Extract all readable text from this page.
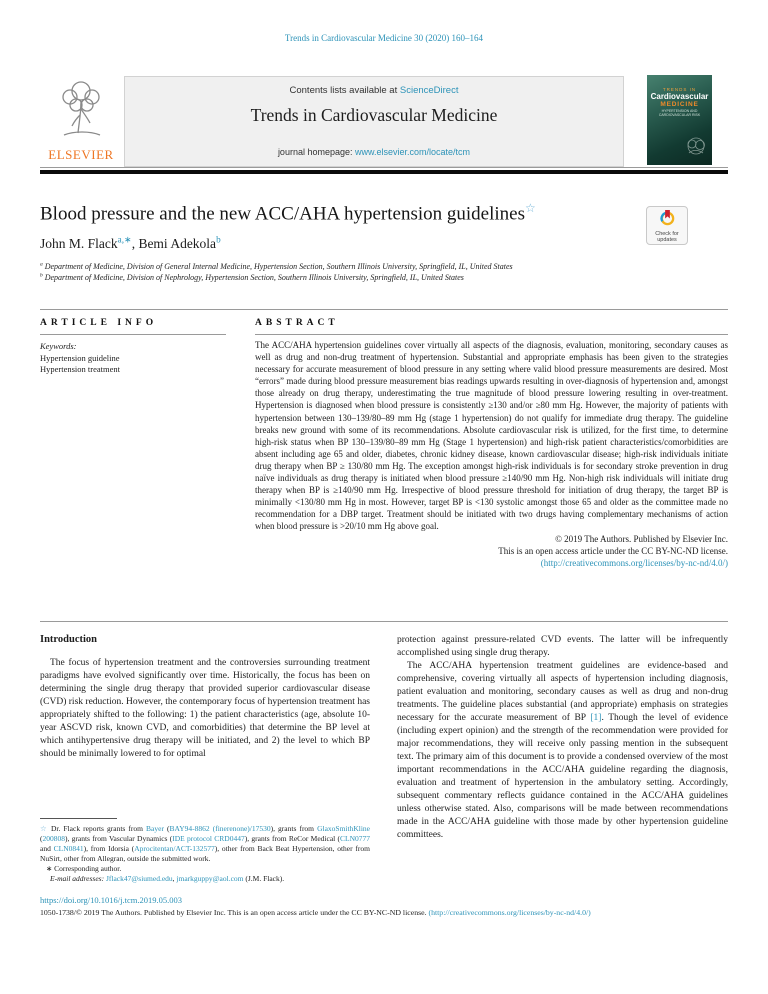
Trends in Cardiovascular Medicine 30 (2020) 160–164
ELSEVIER
Contents lists available at ScienceDirect
Trends in Cardiovascular Medicine
journal homepage: www.elsevier.com/locate/tcm
TRENDS IN
Cardiovascular
MEDICINE
HYPERTENSION AND CARDIOVASCULAR RISK
Blood pressure and the new ACC/AHA hypertension guidelines☆
Check for
updates
John M. Flack$^{a,∗}$, Bemi Adekola$^b$
$^a$ Department of Medicine, Division of General Internal Medicine, Hypertension Section, Southern Illinois University, Springfield, IL, United States
$^b$ Department of Medicine, Division of Nephrology, Hypertension Section, Southern Illinois University, Springfield, IL, United States
ARTICLE INFO
Keywords:
Hypertension guideline
Hypertension treatment
ABSTRACT
The ACC/AHA hypertension guidelines cover virtually all aspects of the diagnosis, evaluation, monitoring, secondary causes as well as drug and non-drug treatment of hypertension. Substantial and appropriate emphasis has been given to the strategies necessary for accurate measurement of blood pressure in any setting where valid blood pressure measurements are desired. Most “errors” made during blood pressure measurement bias readings upwards resulting in over-diagnosis of hypertension and, amongst those already on drug therapy, underestimating the true magnitude of blood pressure lowering resulting in over-treatment. Hypertension is diagnosed when blood pressure is consistently ≥130 and/or ≥80 mm Hg. However, the majority of patients with hypertension between 130–139/80–89 mm Hg (stage 1 hypertension) do not qualify for immediate drug therapy. The guideline breaks new ground with some of its recommendations. Absolute cardiovascular risk is utilized, for the first time, to determine high-risk status when BP 130–139/80–89 mm Hg (Stage 1 hypertension) and high-risk patient characteristics/comorbidities are absent including age 65 and older, diabetes, chronic kidney disease, known cardiovascular disease; high-risk individuals initiate drug therapy when BP ≥ 130/80 mm Hg. The exception amongst high-risk individuals is for secondary stroke prevention in drug naïve individuals as drug therapy is initiated when blood pressure ≥140/90 mm Hg. Non-high risk individuals will initiate drug therapy when BP is ≥140/90 mm Hg. Irrespective of blood pressure threshold for initiation of drug therapy, the target BP is minimally <130/80 mm Hg in most. However, target BP is <130 systolic amongst those 65 and older as the committee made no recommendation for a DBP target. Treatment should be initiated with two drugs having complementary mechanisms of action when blood pressure is >20/10 mm Hg above goal.
© 2019 The Authors. Published by Elsevier Inc.
This is an open access article under the CC BY-NC-ND license.
(http://creativecommons.org/licenses/by-nc-nd/4.0/)
Introduction

The focus of hypertension treatment and the controversies surrounding treatment paradigms have evolved significantly over time. Historically, the focus has been on determining the single drug therapy that provided superior cardiovascular disease (CVD) risk reduction. However, the contemporary focus of hypertension treatment has appropriately shifted to the following: 1) the patient characteristics (age, absolute 10-year ASCVD risk, known CVD, and comorbidities) that determine the BP level at which antihypertensive drug therapy will be initiated, and 2) the level to which BP should be minimally lowered to for optimal

protection against pressure-related CVD events. The latter will be infrequently accomplished using single drug therapy.

The ACC/AHA hypertension treatment guidelines are evidence-based and comprehensive, covering virtually all aspects of hypertension including diagnosis, patient evaluation and monitoring, secondary causes as well as drug and non-drug treatments. The guideline places substantial (and appropriate) emphasis on strategies necessary for the accurate measurement of BP [1]. Though the level of evidence (including expert opinion) and the strength of the recommendation were provided for major recommendations, they will receive only passing mention in the subsequent text. The primary aim of this document is to provide a condensed overview of the most important recommendations in the ACC/AHA guideline regarding the diagnosis, evaluation and treatment of hypertension in the ambulatory setting. Accordingly, subsequent commentary reflects guidance contained in the ACC/AHA guidelines unless otherwise stated. Also, comparisons will be made between recommendations made in the ACC/AHA guideline with those made by other hypertension guideline committees.

☆ Dr. Flack reports grants from Bayer (BAY94-8862 (finerenone)/17530), grants from GlaxoSmithKline (200808), grants from Vascular Dynamics (IDE protocol CRD0447), grants from ReCor Medical (CLN0777 and CLN0841), from Idorsia (Aprocitentan/ACT-132577), other from Back Beat Hypertension, other from NuSirt, other from Allegran, outside the submitted work.

∗ Corresponding author.

E-mail addresses: Jflack47@siumed.edu, jmarkguppy@aol.com (J.M. Flack).

https://doi.org/10.1016/j.tcm.2019.05.003
1050-1738/© 2019 The Authors. Published by Elsevier Inc. This is an open access article under the CC BY-NC-ND license. (http://creativecommons.org/licenses/by-nc-nd/4.0/)
